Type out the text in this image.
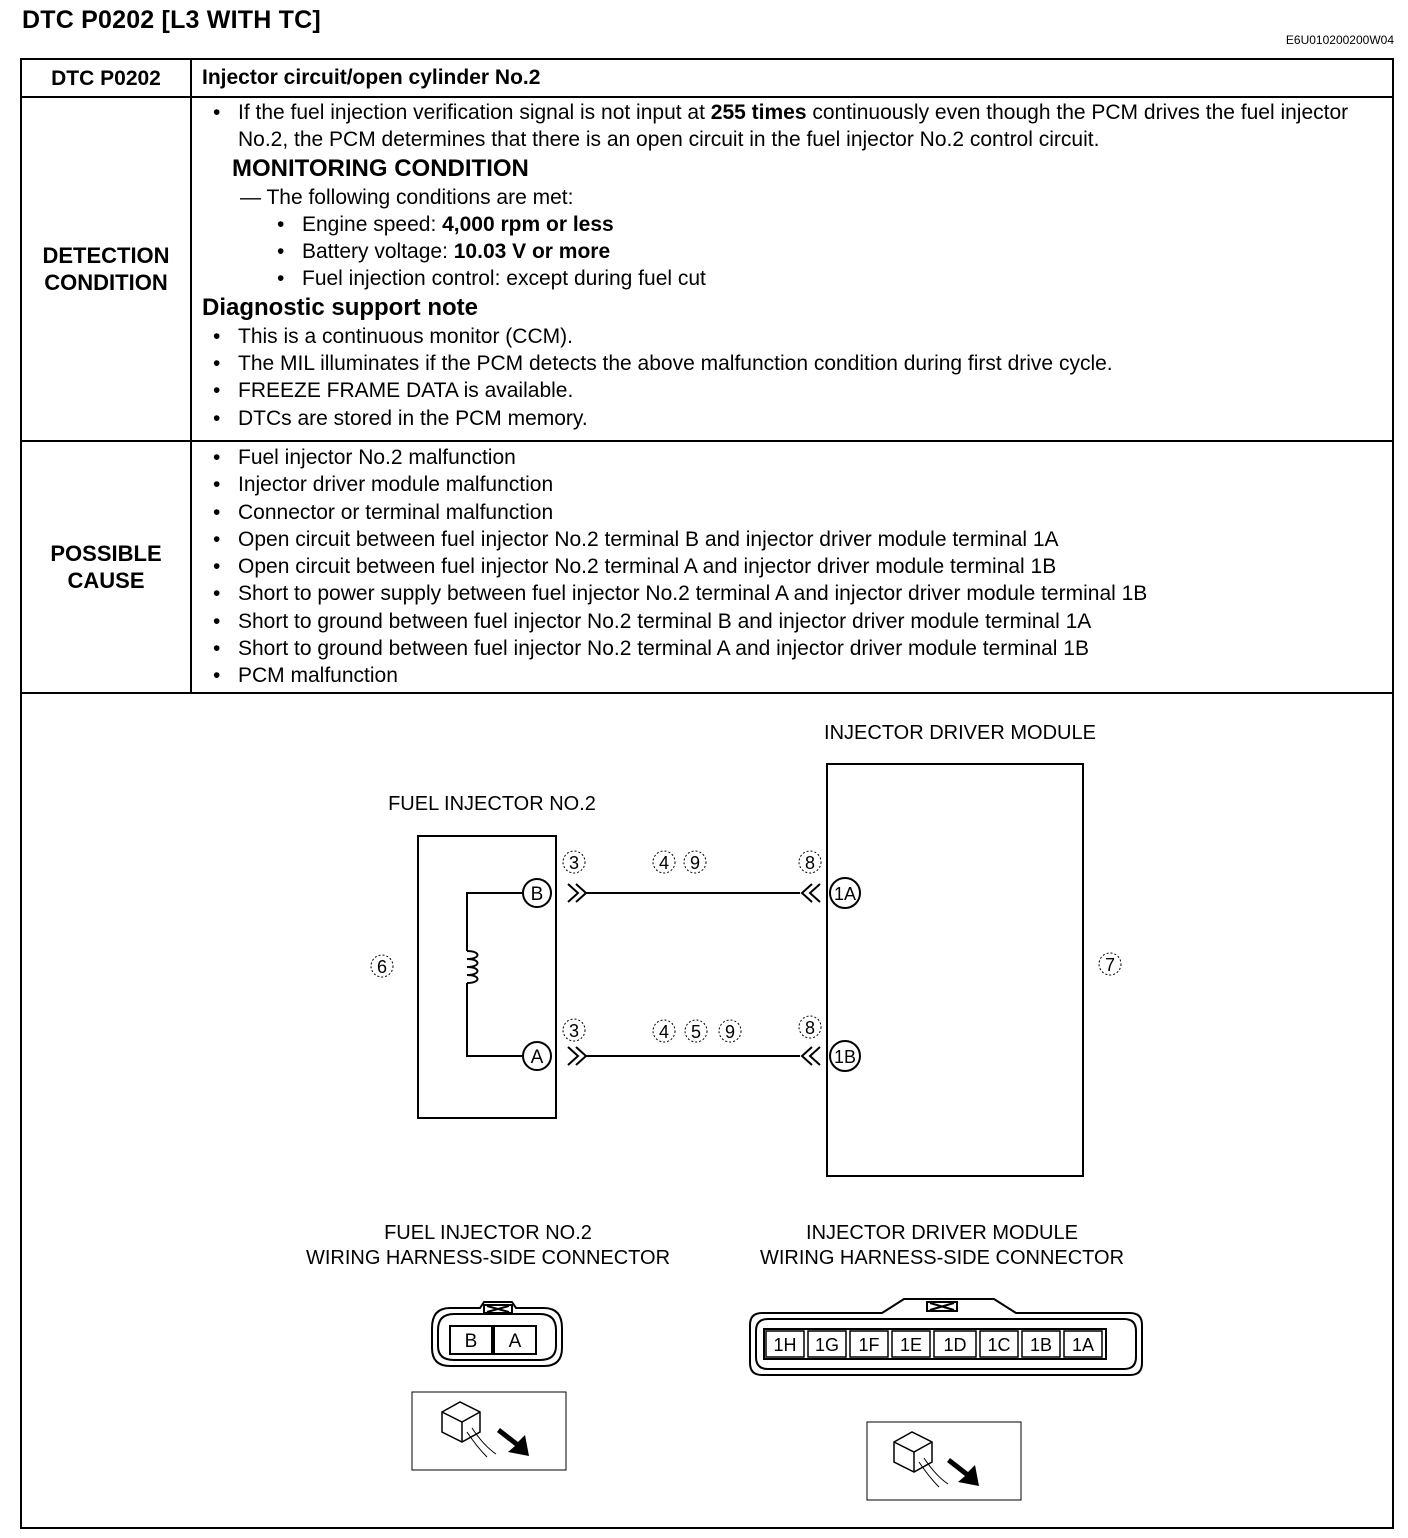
DTC P0202 [L3 WITH TC]
E6U010200200W04
DTC P0202	Injector circuit/open cylinder No.2
DETECTION CONDITION
• If the fuel injection verification signal is not input at 255 times continuously even though the PCM drives the fuel injector No.2, the PCM determines that there is an open circuit in the fuel injector No.2 control circuit.
MONITORING CONDITION
— The following conditions are met:
• Engine speed: 4,000 rpm or less
• Battery voltage: 10.03 V or more
• Fuel injection control: except during fuel cut
Diagnostic support note
• This is a continuous monitor (CCM).
• The MIL illuminates if the PCM detects the above malfunction condition during first drive cycle.
• FREEZE FRAME DATA is available.
• DTCs are stored in the PCM memory.
POSSIBLE CAUSE
• Fuel injector No.2 malfunction
• Injector driver module malfunction
• Connector or terminal malfunction
• Open circuit between fuel injector No.2 terminal B and injector driver module terminal 1A
• Open circuit between fuel injector No.2 terminal A and injector driver module terminal 1B
• Short to power supply between fuel injector No.2 terminal A and injector driver module terminal 1B
• Short to ground between fuel injector No.2 terminal B and injector driver module terminal 1A
• Short to ground between fuel injector No.2 terminal A and injector driver module terminal 1B
• PCM malfunction
INJECTOR DRIVER MODULE
FUEL INJECTOR NO.2
B
A
1A
1B
3	4 9	8
3	4 5 9	8
6	7
FUEL INJECTOR NO.2
WIRING HARNESS-SIDE CONNECTOR
INJECTOR DRIVER MODULE
WIRING HARNESS-SIDE CONNECTOR
B A	1H 1G 1F 1E 1D 1C 1B 1A
